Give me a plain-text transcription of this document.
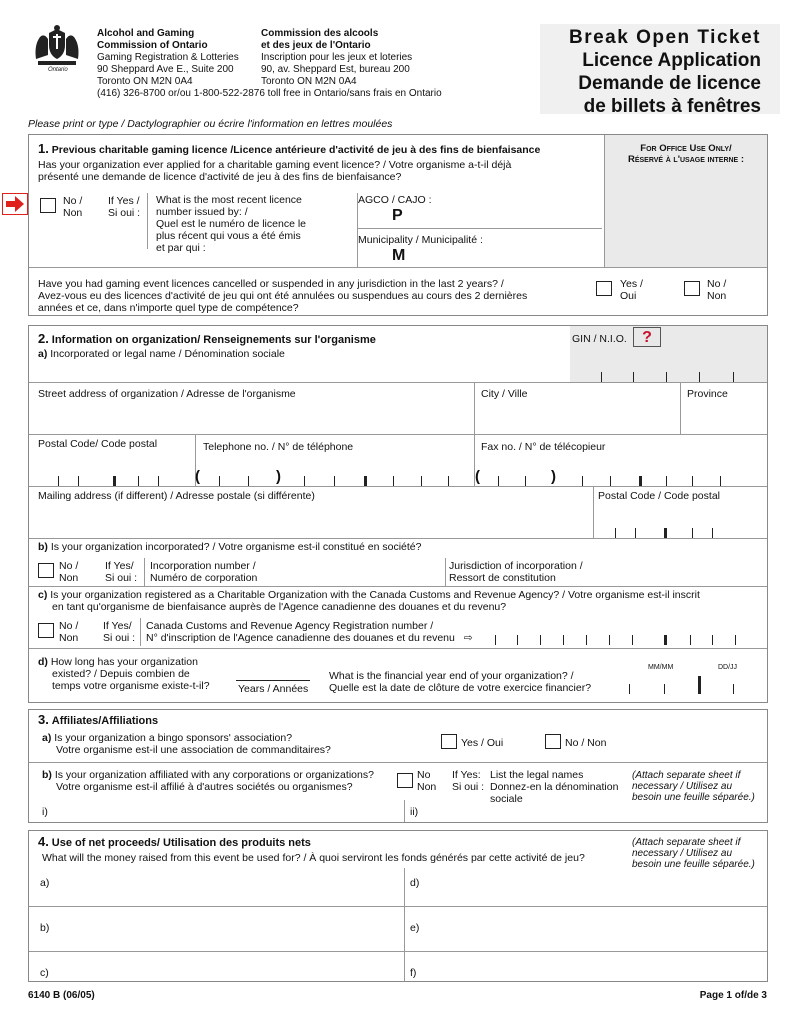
Ontario
Alcohol and Gaming
Commission of Ontario
Gaming Registration & Lotteries
90 Sheppard Ave E., Suite 200
Toronto ON M2N 0A4
(416) 326-8700 or/ou 1-800-522-2876 toll free in Ontario/sans frais en Ontario
Commission des alcools
et des jeux de l'Ontario
Inscription pour les jeux et loteries
90, av. Sheppard Est, bureau 200
Toronto ON M2N 0A4
Break Open Ticket
Licence Application
Demande de licence
de billets à fenêtres
Please print or type / Dactylographier ou écrire l'information en lettres moulées
1. Previous charitable gaming licence /Licence antérieure d'activité de jeu à des fins de bienfaisance
Has your organization ever applied for a charitable gaming event licence? / Votre organisme a-t-il déjà
présenté une demande de licence d'activité de jeu à des fins de bienfaisance?
For Office Use Only/
Réservé à l'usage interne :
No /
Non
If Yes /
Si oui :
What is the most recent licence
number issued by: /
Quel est le numéro de licence le
plus récent qui vous a été émis
et par qui :
AGCO / CAJO :
P
Municipality / Municipalité :
M
Have you had gaming event licences cancelled or suspended in any jurisdiction in the last 2 years? /
Avez-vous eu des licences d'activité de jeu qui ont été annulées ou suspendues au cours des 2 dernières
années et ce, dans n'importe quel type de compétence?
Yes /
Oui
No /
Non
2. Information on organization/ Renseignements sur l'organisme
a) Incorporated or legal name / Dénomination sociale
GIN / N.I.O. ?
Street address of organization / Adresse de l'organisme	City / Ville	Province
Postal Code/ Code postal	Telephone no. / N° de téléphone	Fax no. / N° de télécopieur
(	)	(	)
Mailing address (if different) / Adresse postale (si différente)	Postal Code / Code postal
b) Is your organization incorporated? / Votre organisme est-il constitué en société?
No /
Non
If Yes/
Si oui :
Incorporation number /
Numéro de corporation
Jurisdiction of incorporation /
Ressort de constitution
c) Is your organization registered as a Charitable Organization with the Canada Customs and Revenue Agency? / Votre organisme est-il inscrit
en tant qu'organisme de bienfaisance auprès de l'Agence canadienne des douanes et du revenu?
No /
Non
If Yes/
Si oui :
Canada Customs and Revenue Agency Registration number /
N° d'inscription de l'Agence canadienne des douanes et du revenu ⇨
d) How long has your organization
existed? / Depuis combien de
temps votre organisme existe-t-il?	Years / Années
What is the financial year end of your organization? /
Quelle est la date de clôture de votre exercice financier?
MM/MM	DD/JJ
3. Affiliates/Affiliations
a) Is your organization a bingo sponsors' association?
Votre organisme est-il une association de commanditaires?
Yes / Oui	No / Non
b) Is your organization affiliated with any corporations or organizations?
Votre organisme est-il affilié à d'autres sociétés ou organismes?
No
Non
If Yes:
Si oui :
List the legal names
Donnez-en la dénomination
sociale
(Attach separate sheet if
necessary / Utilisez au
besoin une feuille séparée.)
i)	ii)
4. Use of net proceeds/ Utilisation des produits nets
What will the money raised from this event be used for? / À quoi serviront les fonds générés par cette activité de jeu?
(Attach separate sheet if
necessary / Utilisez au
besoin une feuille séparée.)
a)	d)
b)	e)
c)	f)
6140 B (06/05)	Page 1 of/de 3
